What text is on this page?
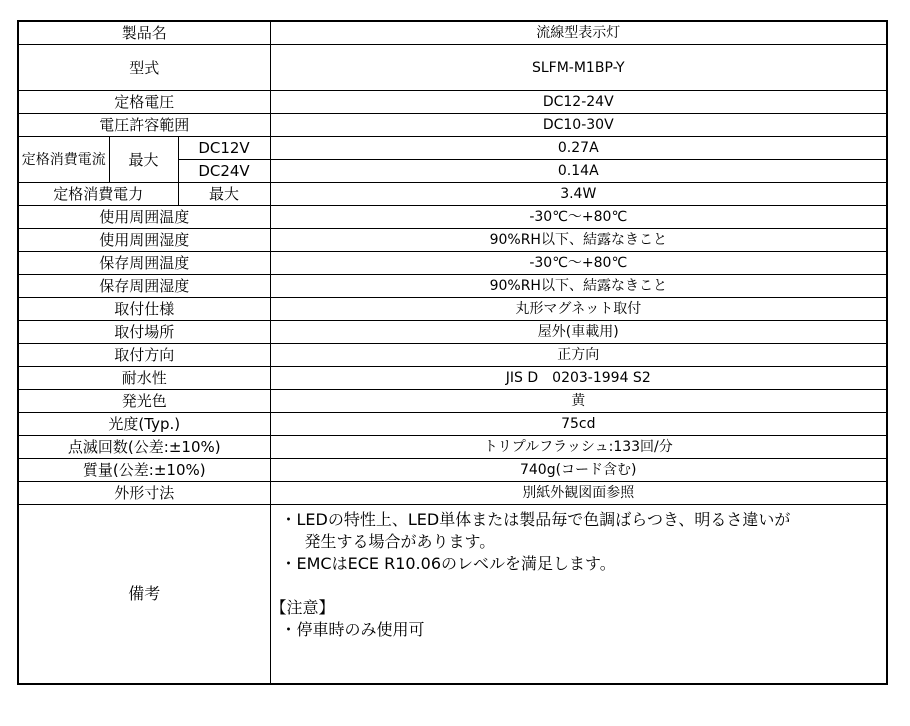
製品名			流線型表示灯
型式			SLFM-M1BP-Y
定格電圧			DC12-24V
電圧許容範囲			DC10-30V
定格消費電流	最大	DC12V	0.27A
		DC24V	0.14A
定格消費電力		最大	3.4W
使用周囲温度			-30℃～+80℃
使用周囲湿度			90%RH以下、結露なきこと
保存周囲温度			-30℃～+80℃
保存周囲湿度			90%RH以下、結露なきこと
取付仕様			丸形マグネット取付
取付場所			屋外(車載用)
取付方向			正方向
耐水性			JIS D　0203-1994 S2
発光色			黄
光度(Typ.)			75cd
点滅回数(公差:±10%)			トリプルフラッシュ:133回/分
質量(公差:±10%)			740g(コード含む)
外形寸法			別紙外観図面参照
備考			・LEDの特性上、LED単体または製品毎で色調ばらつき、明るさ違いが
発生する場合があります。
・EMCはECE R10.06のレベルを満足します。
【注意】
・停車時のみ使用可
